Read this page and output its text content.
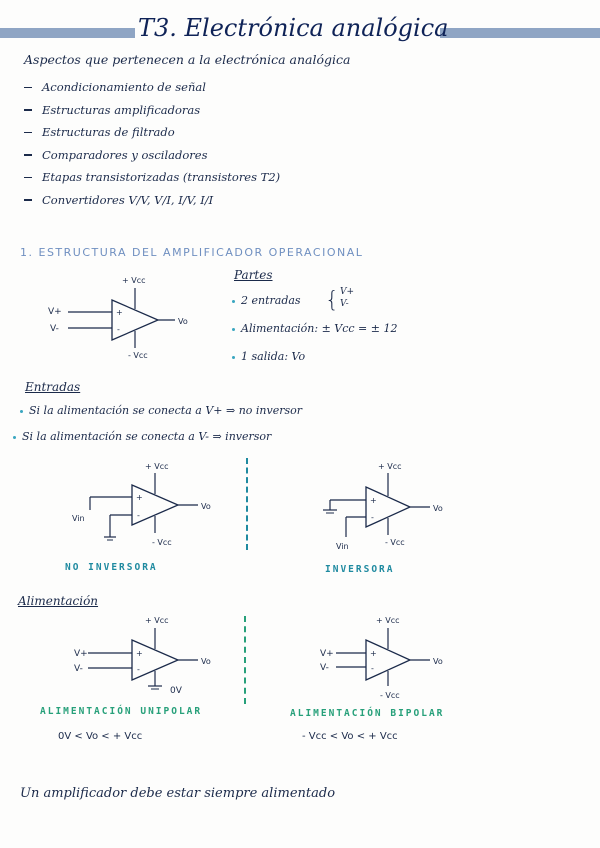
T3. Electrónica analógica
Aspectos que pertenecen a la electrónica analógica
Acondicionamiento de señal
Estructuras amplificadoras
Estructuras de filtrado
Comparadores y osciladores
Etapas transistorizadas (transistores T2)
Convertidores V/V, V/I, I/V, I/I
1. ESTRUCTURA DEL AMPLIFICADOR OPERACIONAL
+
-
+ Vcc
- Vcc
V+
V-
Vo
Partes
2 entradas { V+
V-
Alimentación: ± Vcc = ± 12
1 salida: Vo
Entradas
Si la alimentación se conecta a V+ ⇒ no inversor
Si la alimentación se conecta a V- ⇒ inversor
+
-
+ Vcc
- Vcc
Vin
Vo
NO INVERSORA
+
-
+ Vcc
- Vcc
Vin
Vo
INVERSORA
Alimentación
+
-
+ Vcc
0V
V+
V-
Vo
ALIMENTACIÓN UNIPOLAR
0V < Vo < + Vcc
+
-
+ Vcc
- Vcc
V+
V-
Vo
ALIMENTACIÓN BIPOLAR
- Vcc < Vo < + Vcc
Un amplificador debe estar siempre alimentado
